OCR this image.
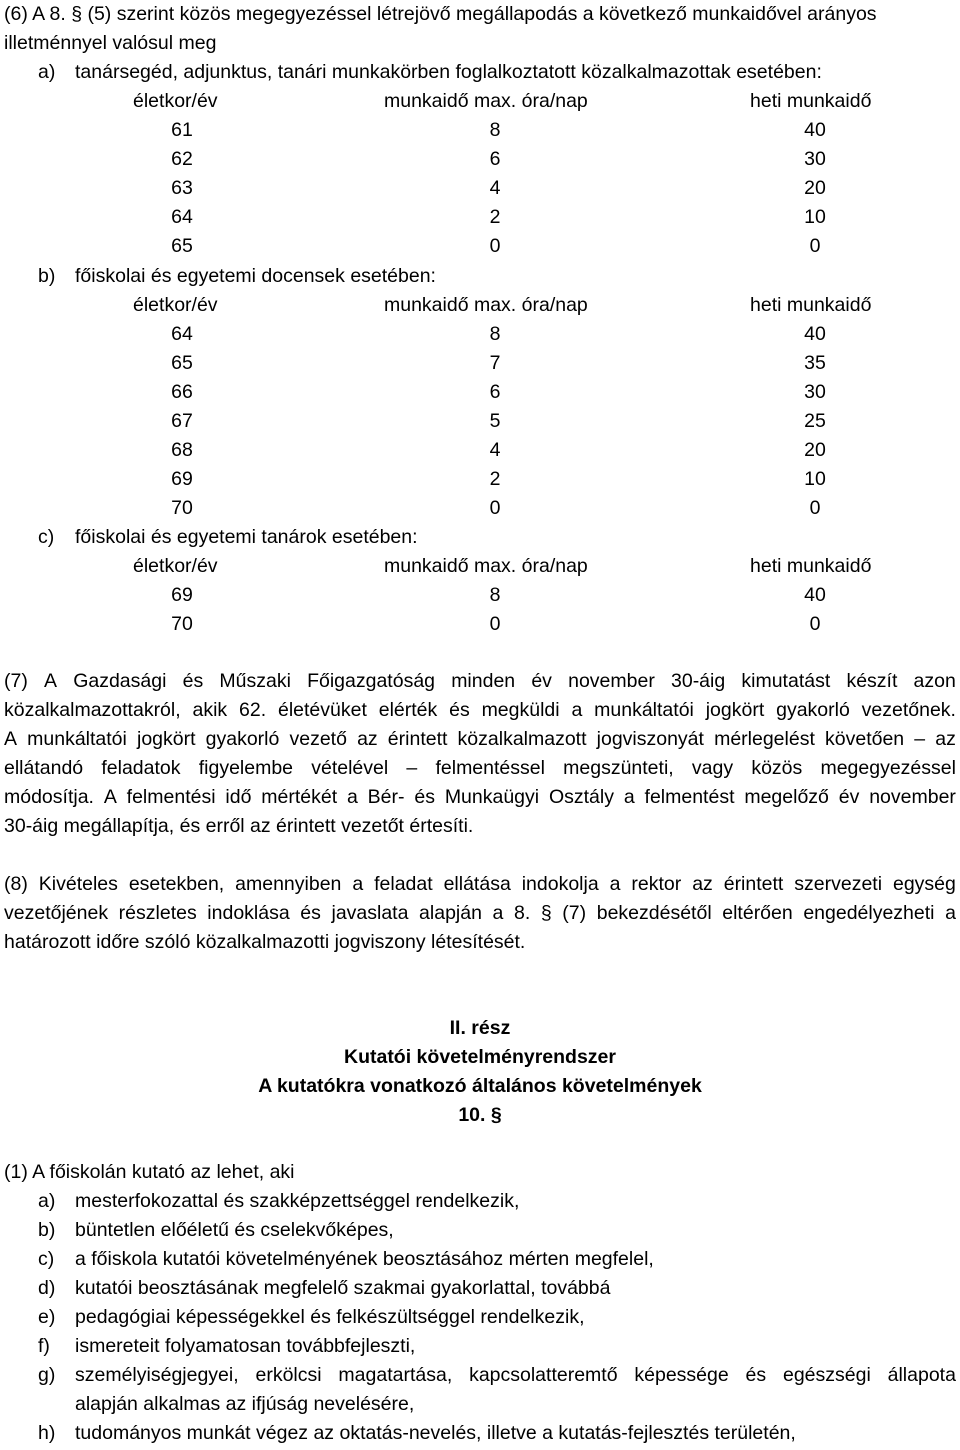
(6) A 8. § (5) szerint közös megegyezéssel létrejövő megállapodás a következő munkaidővel arányos
illetménnyel valósul meg
a) tanársegéd, adjunktus, tanári munkakörben foglalkoztatott közalkalmazottak esetében:
életkor/év	munkaidő max. óra/nap	heti munkaidő
61	8	40
62	6	30
63	4	20
64	2	10
65	0	0
b) főiskolai és egyetemi docensek esetében:
életkor/év	munkaidő max. óra/nap	heti munkaidő
64	8	40
65	7	35
66	6	30
67	5	25
68	4	20
69	2	10
70	0	0
c) főiskolai és egyetemi tanárok esetében:
életkor/év	munkaidő max. óra/nap	heti munkaidő
69	8	40
70	0	0
(7) A Gazdasági és Műszaki Főigazgatóság minden év november 30-áig kimutatást készít azon
közalkalmazottakról, akik 62. életévüket elérték és megküldi a munkáltatói jogkört gyakorló vezetőnek.
A munkáltatói jogkört gyakorló vezető az érintett közalkalmazott jogviszonyát mérlegelést követően – az
ellátandó feladatok figyelembe vételével – felmentéssel megszünteti, vagy közös megegyezéssel
módosítja. A felmentési idő mértékét a Bér- és Munkaügyi Osztály a felmentést megelőző év november
30-áig megállapítja, és erről az érintett vezetőt értesíti.
(8) Kivételes esetekben, amennyiben a feladat ellátása indokolja a rektor az érintett szervezeti egység
vezetőjének részletes indoklása és javaslata alapján a 8. § (7) bekezdésétől eltérően engedélyezheti a
határozott időre szóló közalkalmazotti jogviszony létesítését.
II. rész
Kutatói követelményrendszer
A kutatókra vonatkozó általános követelmények
10. §
(1) A főiskolán kutató az lehet, aki
a) mesterfokozattal és szakképzettséggel rendelkezik,
b) büntetlen előéletű és cselekvőképes,
c) a főiskola kutatói követelményének beosztásához mérten megfelel,
d) kutatói beosztásának megfelelő szakmai gyakorlattal, továbbá
e) pedagógiai képességekkel és felkészültséggel rendelkezik,
f) ismereteit folyamatosan továbbfejleszti,
g) személyiségjegyei, erkölcsi magatartása, kapcsolatteremtő képessége és egészségi állapota
alapján alkalmas az ifjúság nevelésére,
h) tudományos munkát végez az oktatás-nevelés, illetve a kutatás-fejlesztés területén,
